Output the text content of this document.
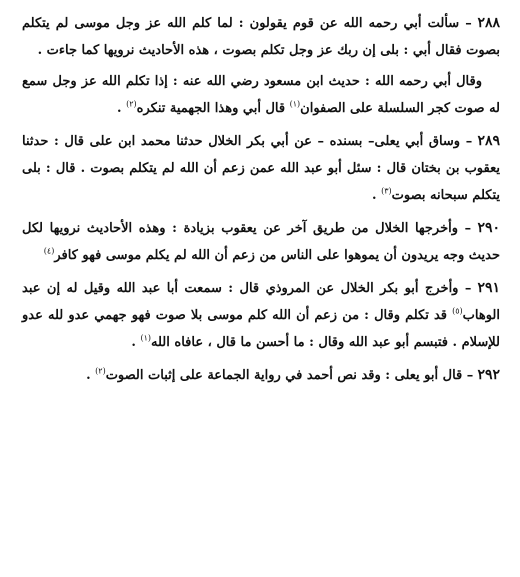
٢٨٨ – سألت أبي رحمه الله عن قوم يقولون : لما كلم الله عز وجل موسى لم يتكلم بصوت فقال أبي : بلى إن ربك عز وجل تكلم بصوت ، هذه الأحاديث نرويها كما جاءت .

وقال أبي رحمه الله : حديث ابن مسعود رضي الله عنه : إذا تكلم الله عز وجل سمع له صوت كجر السلسلة على الصفوان$^{(١)}$ قال أبي وهذا الجهمية تنكره$^{(٢)}$ .

٢٨٩ – وساق أبي يعلى– بسنده – عن أبي بكر الخلال حدثنا محمد ابن على قال : حدثنا يعقوب بن بختان قال : سئل أبو عبد الله عمن زعم أن الله لم يتكلم بصوت . قال : بلى يتكلم سبحانه بصوت$^{(٣)}$ .

٢٩٠ – وأخرجها الخلال من طريق آخر عن يعقوب بزيادة : وهذه الأحاديث نرويها لكل حديث وجه يريدون أن يموهوا على الناس من زعم أن الله لم يكلم موسى فهو كافر$^{(٤)}$

٢٩١ – وأخرج أبو بكر الخلال عن المروذي قال : سمعت أبا عبد الله وقيل له إن عبد الوهاب$^{(٥)}$ قد تكلم وقال : من زعم أن الله كلم موسى بلا صوت فهو جهمي عدو لله عدو للإسلام . فتبسم أبو عبد الله وقال : ما أحسن ما قال ، عافاه الله$^{(١)}$ .

٢٩٢ – قال أبو يعلى : وقد نص أحمد في رواية الجماعة على إثبات الصوت$^{(٢)}$ .
